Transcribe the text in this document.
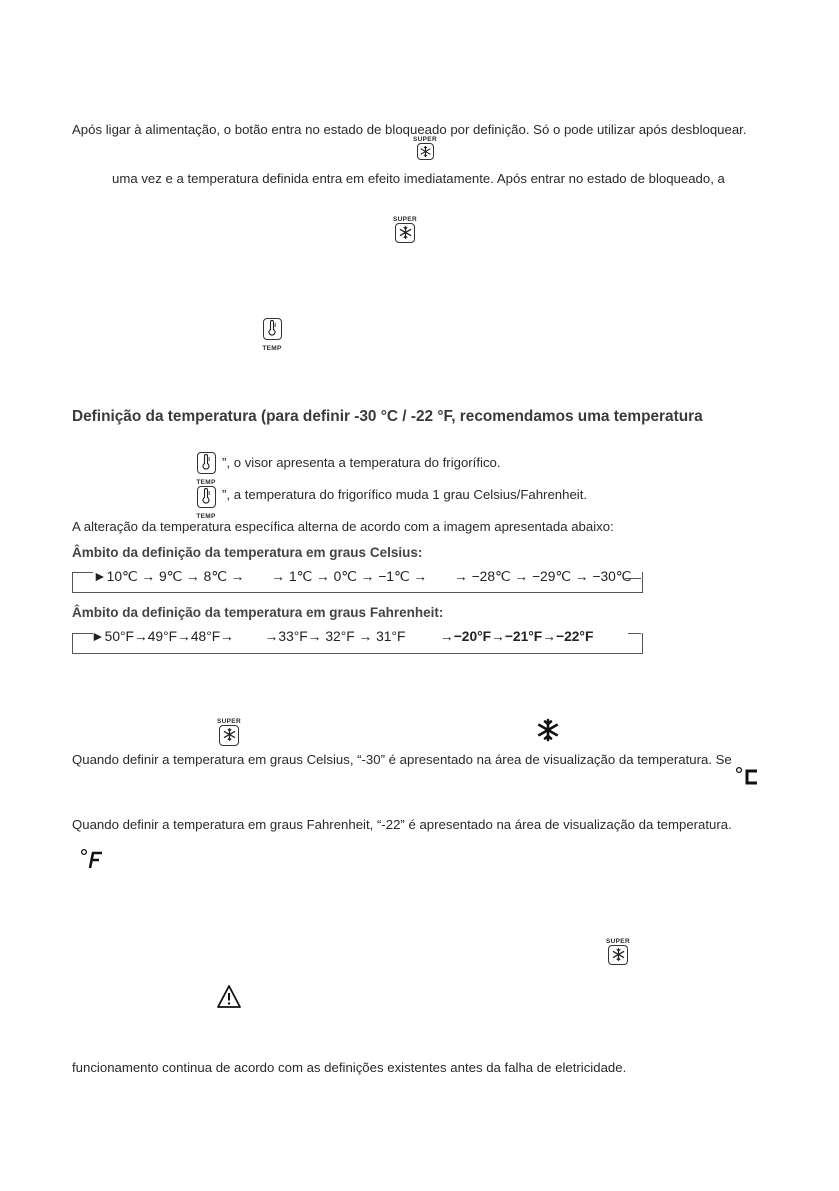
Após ligar à alimentação, o botão entra no estado de bloqueado por definição. Só o pode utilizar após desbloquear.
SUPER
uma vez e a temperatura definida entra em efeito imediatamente. Após entrar no estado de bloqueado, a
SUPER
TEMP
Definição da temperatura (para definir -30 °C / -22 °F, recomendamos uma temperatura
TEMP
”, o visor apresenta a temperatura do frigorífico.
TEMP
”, a temperatura do frigorífico muda 1 grau Celsius/Fahrenheit.
A alteração da temperatura específica alterna de acordo com a imagem apresentada abaixo:
Âmbito da definição da temperatura em graus Celsius:
►10℃ → 9℃ → 8℃ → → 1℃ → 0℃ → −1℃ → → −28℃ → −29℃ → −30℃
Âmbito da definição da temperatura em graus Fahrenheit:
►50°F→49°F→48°F→ →33°F→ 32°F → 31°F	→−20°F→−21°F→−22°F
SUPER
Quando definir a temperatura em graus Celsius, “-30” é apresentado na área de visualização da temperatura. Se
Quando definir a temperatura em graus Fahrenheit, “-22” é apresentado na área de visualização da temperatura.
SUPER
funcionamento continua de acordo com as definições existentes antes da falha de eletricidade.
